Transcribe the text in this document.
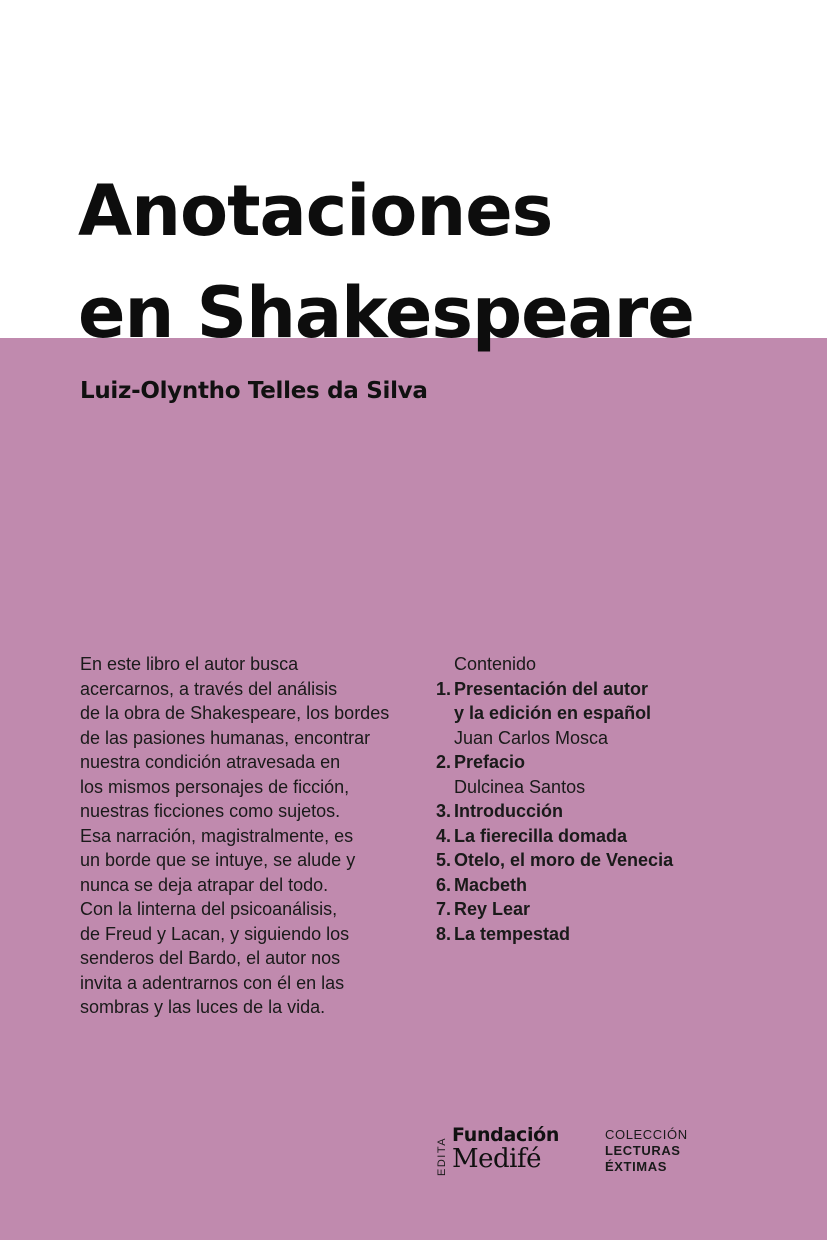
Anotaciones
en Shakespeare
Luiz-Olyntho Telles da Silva
En este libro el autor busca
acercarnos, a través del análisis
de la obra de Shakespeare, los bordes
de las pasiones humanas, encontrar
nuestra condición atravesada en
los mismos personajes de ficción,
nuestras ficciones como sujetos.
Esa narración, magistralmente, es
un borde que se intuye, se alude y
nunca se deja atrapar del todo.
Con la linterna del psicoanálisis,
de Freud y Lacan, y siguiendo los
senderos del Bardo, el autor nos
invita a adentrarnos con él en las
sombras y las luces de la vida.
Contenido
1. Presentación del autor
y la edición en español
Juan Carlos Mosca
2. Prefacio
Dulcinea Santos
3. Introducción
4. La fierecilla domada
5. Otelo, el moro de Venecia
6. Macbeth
7. Rey Lear
8. La tempestad
EDITA
Fundación
Medifé
COLECCIÓN
LECTURAS
ÉXTIMAS
